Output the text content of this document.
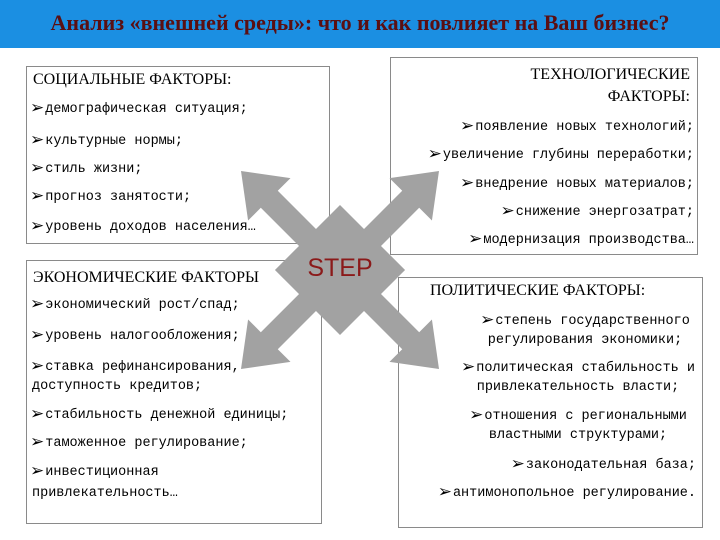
Анализ «внешней среды»: что и как повлияет на Ваш бизнес?
СОЦИАЛЬНЫЕ ФАКТОРЫ:
➢демографическая ситуация;
➢культурные нормы;
➢стиль жизни;
➢прогноз занятости;
➢уровень доходов населения…
ТЕХНОЛОГИЧЕСКИЕ
ФАКТОРЫ:
➢появление новых технологий;
➢увеличение глубины переработки;
➢внедрение новых материалов;
➢снижение энергозатрат;
➢модернизация производства…
ЭКОНОМИЧЕСКИЕ ФАКТОРЫ
➢экономический рост/спад;
➢уровень налогообложения;
➢ставка рефинансирования,
доступность кредитов;
➢стабильность денежной единицы;
➢таможенное регулирование;
➢инвестиционная
привлекательность…
ПОЛИТИЧЕСКИЕ ФАКТОРЫ:
➢степень государственного
регулирования экономики;
➢политическая стабильность и
привлекательность власти;
➢отношения с региональными
властными структурами;
➢законодательная база;
➢антимонопольное регулирование.
STEP
